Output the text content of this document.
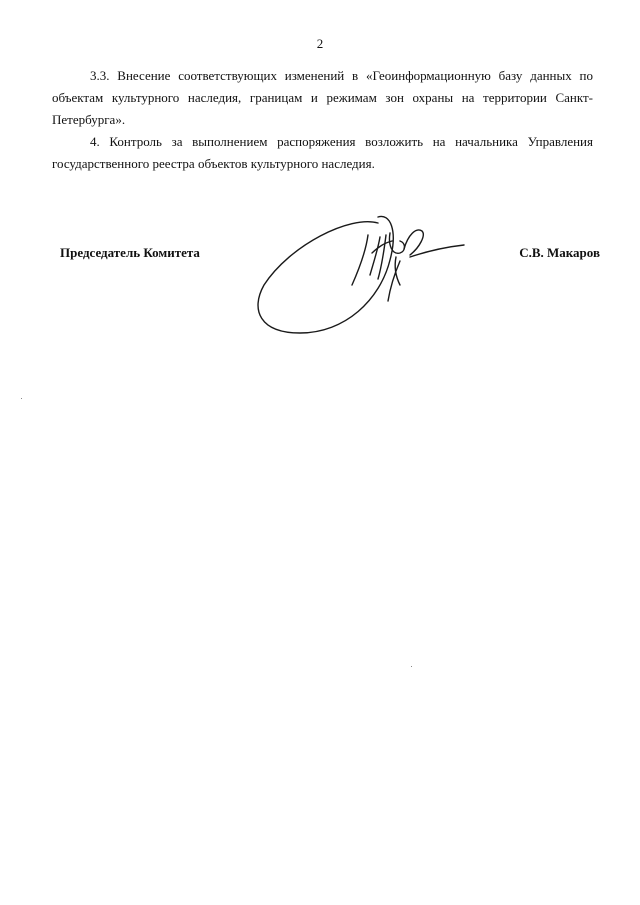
2

3.3. Внесение соответствующих изменений в «Геоинформационную базу данных по объектам культурного наследия, границам и режимам зон охраны на территории Санкт-Петербурга».

4. Контроль за выполнением распоряжения возложить на начальника Управления государственного реестра объектов культурного наследия.

Председатель Комитета	С.В. Макаров
